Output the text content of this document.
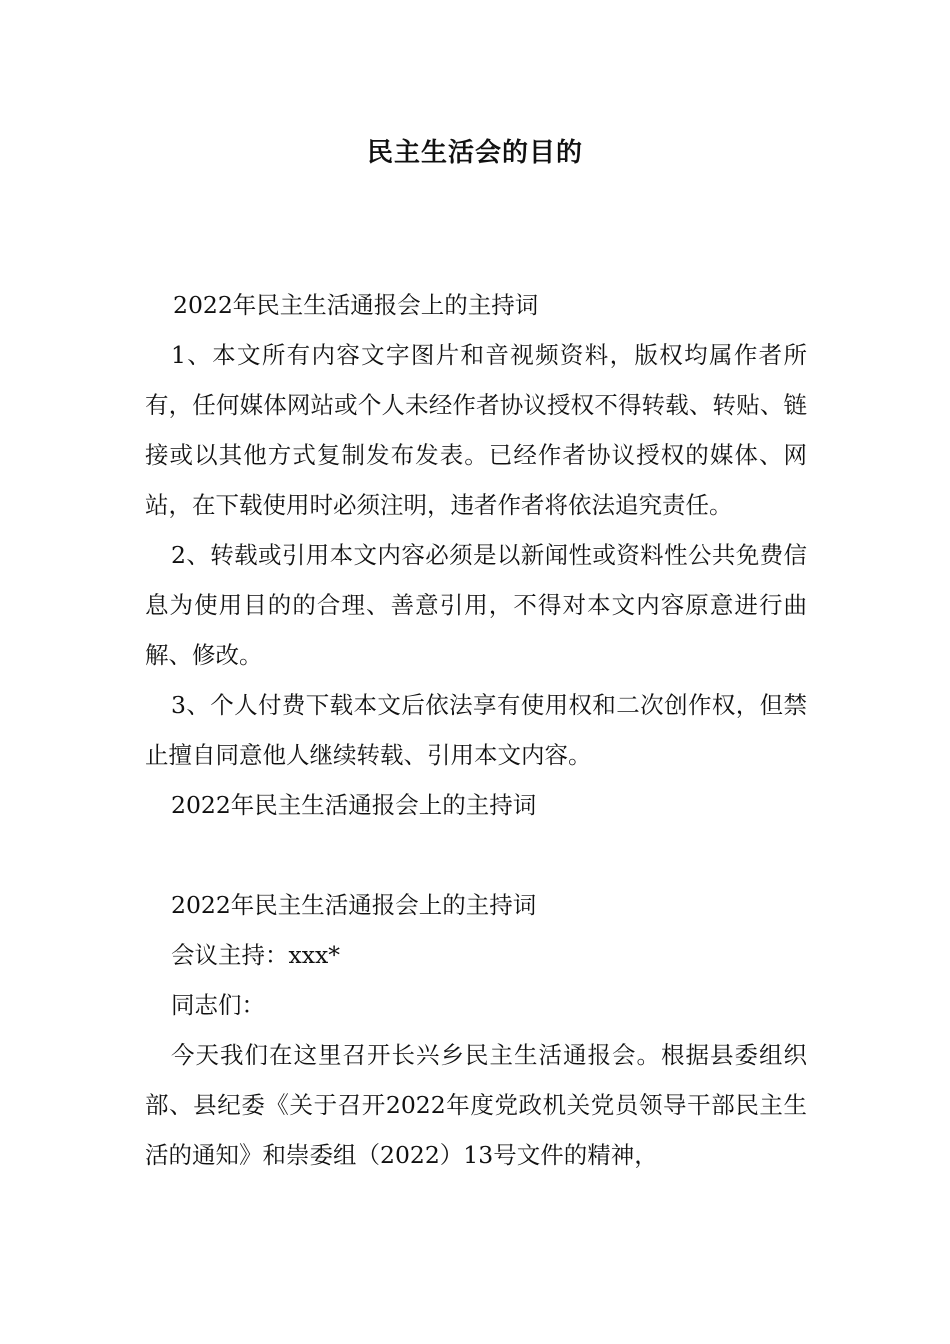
民主生活会的目的

2022年民主生活通报会上的主持词

1、本文所有内容文字图片和音视频资料，版权均属作者所有，任何媒体网站或个人未经作者协议授权不得转载、转贴、链接或以其他方式复制发布发表。已经作者协议授权的媒体、网站，在下载使用时必须注明，违者作者将依法追究责任。

2、转载或引用本文内容必须是以新闻性或资料性公共免费信息为使用目的的合理、善意引用，不得对本文内容原意进行曲解、修改。

3、个人付费下载本文后依法享有使用权和二次创作权，但禁止擅自同意他人继续转载、引用本文内容。

2022年民主生活通报会上的主持词

2022年民主生活通报会上的主持词

会议主持：xxx*

同志们：

今天我们在这里召开长兴乡民主生活通报会。根据县委组织部、县纪委《关于召开2022年度党政机关党员领导干部民主生活的通知》和崇委组（2022）13号文件的精神，
